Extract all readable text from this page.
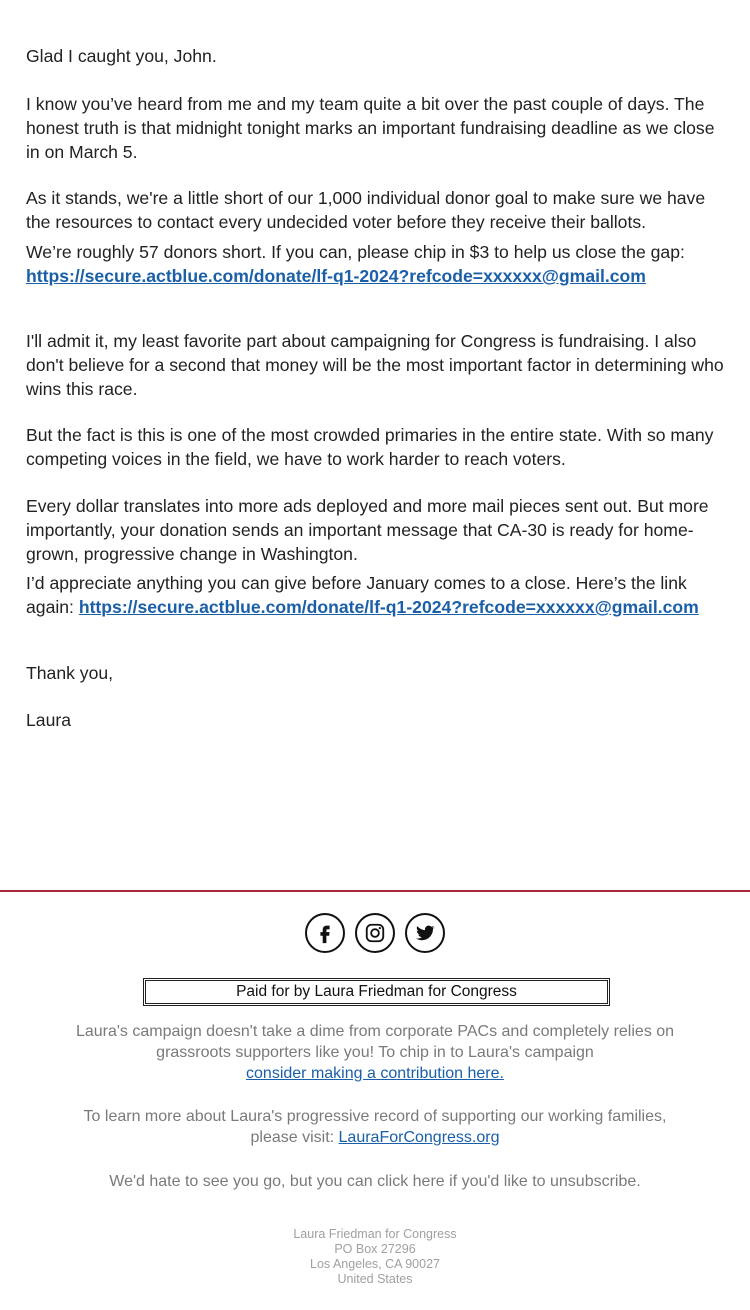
Glad I caught you, John.

I know you’ve heard from me and my team quite a bit over the past couple of days. The honest truth is that midnight tonight marks an important fundraising deadline as we close in on March 5.

As it stands, we're a little short of our 1,000 individual donor goal to make sure we have the resources to contact every undecided voter before they receive their ballots.

We’re roughly 57 donors short. If you can, please chip in $3 to help us close the gap:
https://secure.actblue.com/donate/lf-q1-2024?refcode=xxxxxx@gmail.com

I'll admit it, my least favorite part about campaigning for Congress is fundraising. I also don't believe for a second that money will be the most important factor in determining who wins this race.

But the fact is this is one of the most crowded primaries in the entire state. With so many competing voices in the field, we have to work harder to reach voters.

Every dollar translates into more ads deployed and more mail pieces sent out. But more importantly, your donation sends an important message that CA-30 is ready for home-grown, progressive change in Washington.

I’d appreciate anything you can give before January comes to a close. Here’s the link again: https://secure.actblue.com/donate/lf-q1-2024?refcode=xxxxxx@gmail.com

Thank you,

Laura

Paid for by Laura Friedman for Congress
Laura's campaign doesn't take a dime from corporate PACs and completely relies on grassroots supporters like you! To chip in to Laura's campaign
consider making a contribution here.
To learn more about Laura's progressive record of supporting our working families, please visit: LauraForCongress.org
We'd hate to see you go, but you can click here if you'd like to unsubscribe.
Laura Friedman for Congress
PO Box 27296
Los Angeles, CA 90027
United States
